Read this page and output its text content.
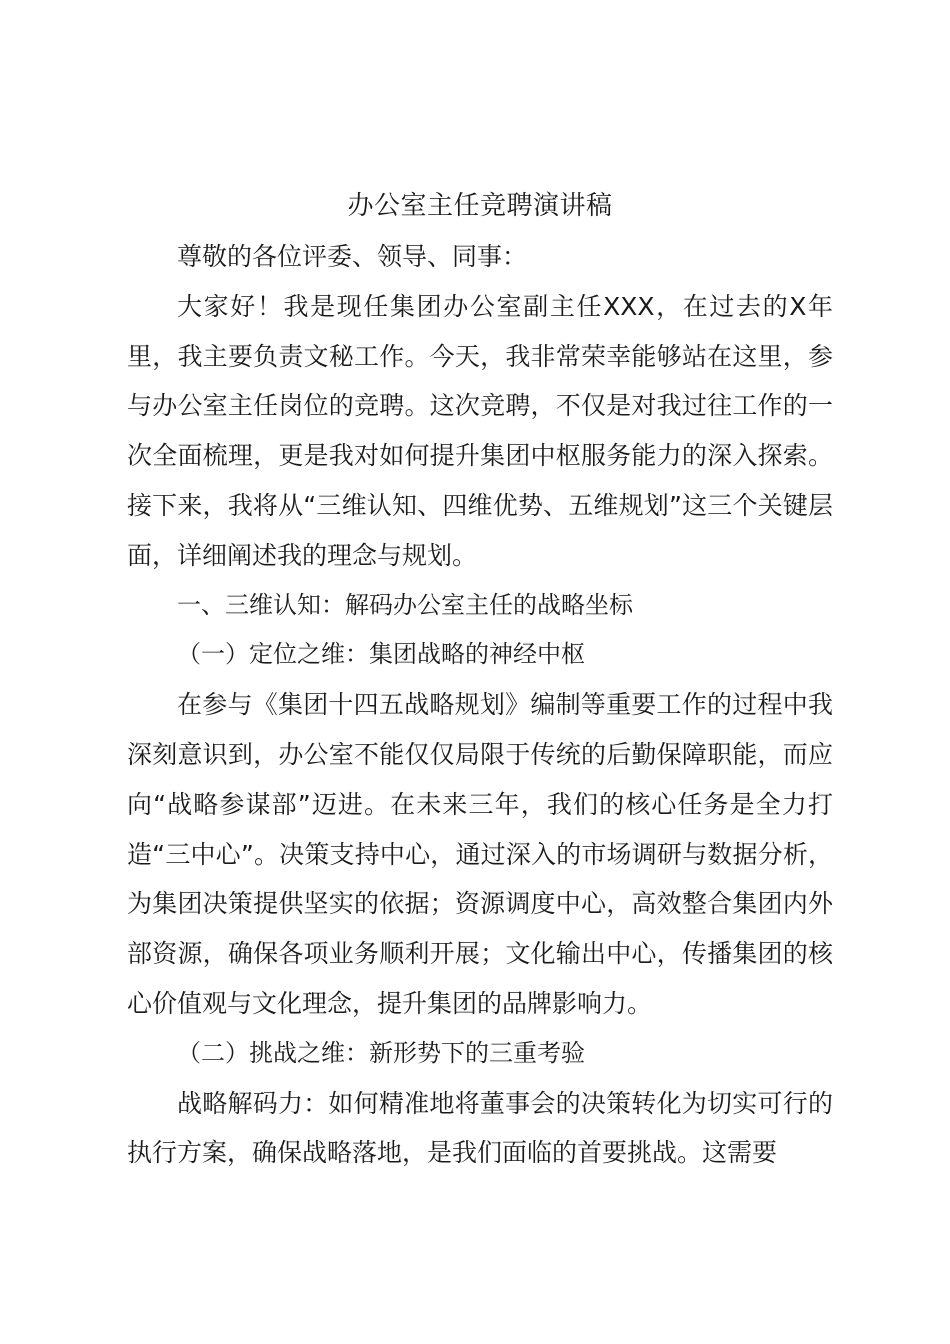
办公室主任竞聘演讲稿

尊敬的各位评委、领导、同事：

大家好！我是现任集团办公室副主任XXX，在过去的X年里，我主要负责文秘工作。今天，我非常荣幸能够站在这里，参与办公室主任岗位的竞聘。这次竞聘，不仅是对我过往工作的一次全面梳理，更是我对如何提升集团中枢服务能力的深入探索。接下来，我将从“三维认知、四维优势、五维规划”这三个关键层面，详细阐述我的理念与规划。

一、三维认知：解码办公室主任的战略坐标

（一）定位之维：集团战略的神经中枢

在参与《集团十四五战略规划》编制等重要工作的过程中我深刻意识到，办公室不能仅仅局限于传统的后勤保障职能，而应向“战略参谋部”迈进。在未来三年，我们的核心任务是全力打造“三中心”。决策支持中心，通过深入的市场调研与数据分析，为集团决策提供坚实的依据；资源调度中心，高效整合集团内外部资源，确保各项业务顺利开展；文化输出中心，传播集团的核心价值观与文化理念，提升集团的品牌影响力。

（二）挑战之维：新形势下的三重考验

战略解码力：如何精准地将董事会的决策转化为切实可行的执行方案，确保战略落地，是我们面临的首要挑战。这需要
